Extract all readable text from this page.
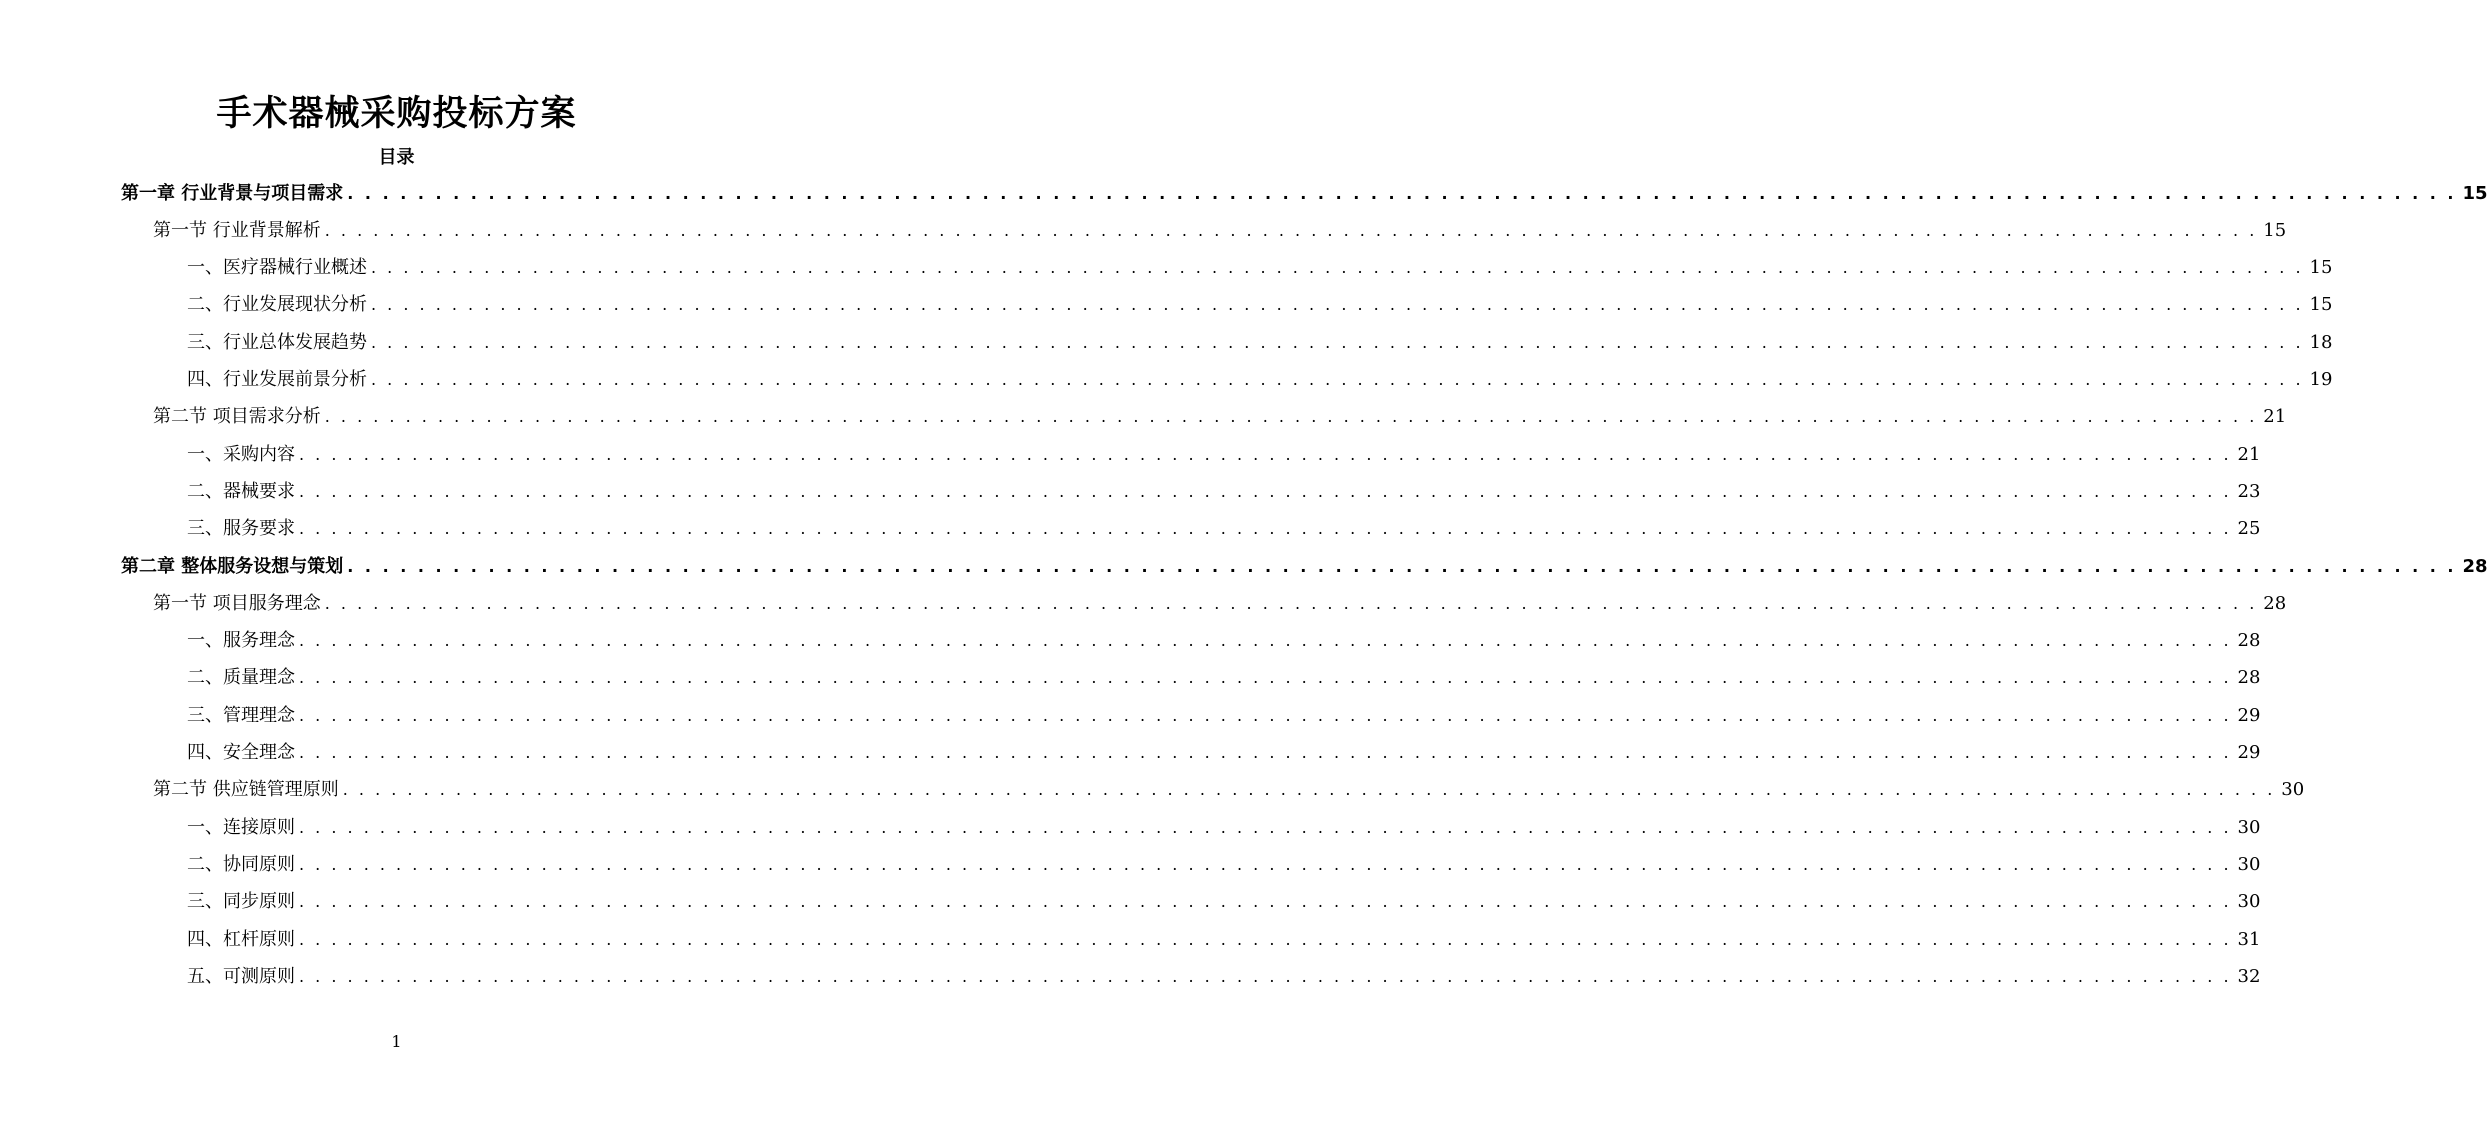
手术器械采购投标方案
目录
第一章 行业背景与项目需求 . . . . . . . . . . . . . . . . . . . . . . . . . . . . . . . . . . . . . . . . . . . . . . . . . . . . . . . . . . . . . . . . . . . . . . . . . . . . . . . . . . . . . . . . . . . . . . . . . . . . . . . . . . . . . . . . . . . . . . . . 15
第一节 行业背景解析 . . . . . . . . . . . . . . . . . . . . . . . . . . . . . . . . . . . . . . . . . . . . . . . . . . . . . . . . . . . . . . . . . . . . . . . . . . . . . . . . . . . . . . . . . . . . . . . . . . . . . . . . . . . . . . . . . . . . . . . . 15
一、医疗器械行业概述 . . . . . . . . . . . . . . . . . . . . . . . . . . . . . . . . . . . . . . . . . . . . . . . . . . . . . . . . . . . . . . . . . . . . . . . . . . . . . . . . . . . . . . . . . . . . . . . . . . . . . . . . . . . . . . . . . . . . . . . . 15
二、行业发展现状分析 . . . . . . . . . . . . . . . . . . . . . . . . . . . . . . . . . . . . . . . . . . . . . . . . . . . . . . . . . . . . . . . . . . . . . . . . . . . . . . . . . . . . . . . . . . . . . . . . . . . . . . . . . . . . . . . . . . . . . . . . 15
三、行业总体发展趋势 . . . . . . . . . . . . . . . . . . . . . . . . . . . . . . . . . . . . . . . . . . . . . . . . . . . . . . . . . . . . . . . . . . . . . . . . . . . . . . . . . . . . . . . . . . . . . . . . . . . . . . . . . . . . . . . . . . . . . . . . 18
四、行业发展前景分析 . . . . . . . . . . . . . . . . . . . . . . . . . . . . . . . . . . . . . . . . . . . . . . . . . . . . . . . . . . . . . . . . . . . . . . . . . . . . . . . . . . . . . . . . . . . . . . . . . . . . . . . . . . . . . . . . . . . . . . . . 19
第二节 项目需求分析 . . . . . . . . . . . . . . . . . . . . . . . . . . . . . . . . . . . . . . . . . . . . . . . . . . . . . . . . . . . . . . . . . . . . . . . . . . . . . . . . . . . . . . . . . . . . . . . . . . . . . . . . . . . . . . . . . . . . . . . . 21
一、采购内容 . . . . . . . . . . . . . . . . . . . . . . . . . . . . . . . . . . . . . . . . . . . . . . . . . . . . . . . . . . . . . . . . . . . . . . . . . . . . . . . . . . . . . . . . . . . . . . . . . . . . . . . . . . . . . . . . . . . . . . . . 21
二、器械要求 . . . . . . . . . . . . . . . . . . . . . . . . . . . . . . . . . . . . . . . . . . . . . . . . . . . . . . . . . . . . . . . . . . . . . . . . . . . . . . . . . . . . . . . . . . . . . . . . . . . . . . . . . . . . . . . . . . . . . . . . 23
三、服务要求 . . . . . . . . . . . . . . . . . . . . . . . . . . . . . . . . . . . . . . . . . . . . . . . . . . . . . . . . . . . . . . . . . . . . . . . . . . . . . . . . . . . . . . . . . . . . . . . . . . . . . . . . . . . . . . . . . . . . . . . . 25
第二章 整体服务设想与策划 . . . . . . . . . . . . . . . . . . . . . . . . . . . . . . . . . . . . . . . . . . . . . . . . . . . . . . . . . . . . . . . . . . . . . . . . . . . . . . . . . . . . . . . . . . . . . . . . . . . . . . . . . . . . . . . . . . . . . . . . 28
第一节 项目服务理念 . . . . . . . . . . . . . . . . . . . . . . . . . . . . . . . . . . . . . . . . . . . . . . . . . . . . . . . . . . . . . . . . . . . . . . . . . . . . . . . . . . . . . . . . . . . . . . . . . . . . . . . . . . . . . . . . . . . . . . . . 28
一、服务理念 . . . . . . . . . . . . . . . . . . . . . . . . . . . . . . . . . . . . . . . . . . . . . . . . . . . . . . . . . . . . . . . . . . . . . . . . . . . . . . . . . . . . . . . . . . . . . . . . . . . . . . . . . . . . . . . . . . . . . . . . 28
二、质量理念 . . . . . . . . . . . . . . . . . . . . . . . . . . . . . . . . . . . . . . . . . . . . . . . . . . . . . . . . . . . . . . . . . . . . . . . . . . . . . . . . . . . . . . . . . . . . . . . . . . . . . . . . . . . . . . . . . . . . . . . . 28
三、管理理念 . . . . . . . . . . . . . . . . . . . . . . . . . . . . . . . . . . . . . . . . . . . . . . . . . . . . . . . . . . . . . . . . . . . . . . . . . . . . . . . . . . . . . . . . . . . . . . . . . . . . . . . . . . . . . . . . . . . . . . . . 29
四、安全理念 . . . . . . . . . . . . . . . . . . . . . . . . . . . . . . . . . . . . . . . . . . . . . . . . . . . . . . . . . . . . . . . . . . . . . . . . . . . . . . . . . . . . . . . . . . . . . . . . . . . . . . . . . . . . . . . . . . . . . . . . 29
第二节 供应链管理原则 . . . . . . . . . . . . . . . . . . . . . . . . . . . . . . . . . . . . . . . . . . . . . . . . . . . . . . . . . . . . . . . . . . . . . . . . . . . . . . . . . . . . . . . . . . . . . . . . . . . . . . . . . . . . . . . . . . . . . . . . 30
一、连接原则 . . . . . . . . . . . . . . . . . . . . . . . . . . . . . . . . . . . . . . . . . . . . . . . . . . . . . . . . . . . . . . . . . . . . . . . . . . . . . . . . . . . . . . . . . . . . . . . . . . . . . . . . . . . . . . . . . . . . . . . . 30
二、协同原则 . . . . . . . . . . . . . . . . . . . . . . . . . . . . . . . . . . . . . . . . . . . . . . . . . . . . . . . . . . . . . . . . . . . . . . . . . . . . . . . . . . . . . . . . . . . . . . . . . . . . . . . . . . . . . . . . . . . . . . . . 30
三、同步原则 . . . . . . . . . . . . . . . . . . . . . . . . . . . . . . . . . . . . . . . . . . . . . . . . . . . . . . . . . . . . . . . . . . . . . . . . . . . . . . . . . . . . . . . . . . . . . . . . . . . . . . . . . . . . . . . . . . . . . . . . 30
四、杠杆原则 . . . . . . . . . . . . . . . . . . . . . . . . . . . . . . . . . . . . . . . . . . . . . . . . . . . . . . . . . . . . . . . . . . . . . . . . . . . . . . . . . . . . . . . . . . . . . . . . . . . . . . . . . . . . . . . . . . . . . . . . 31
五、可测原则 . . . . . . . . . . . . . . . . . . . . . . . . . . . . . . . . . . . . . . . . . . . . . . . . . . . . . . . . . . . . . . . . . . . . . . . . . . . . . . . . . . . . . . . . . . . . . . . . . . . . . . . . . . . . . . . . . . . . . . . . 32
1
